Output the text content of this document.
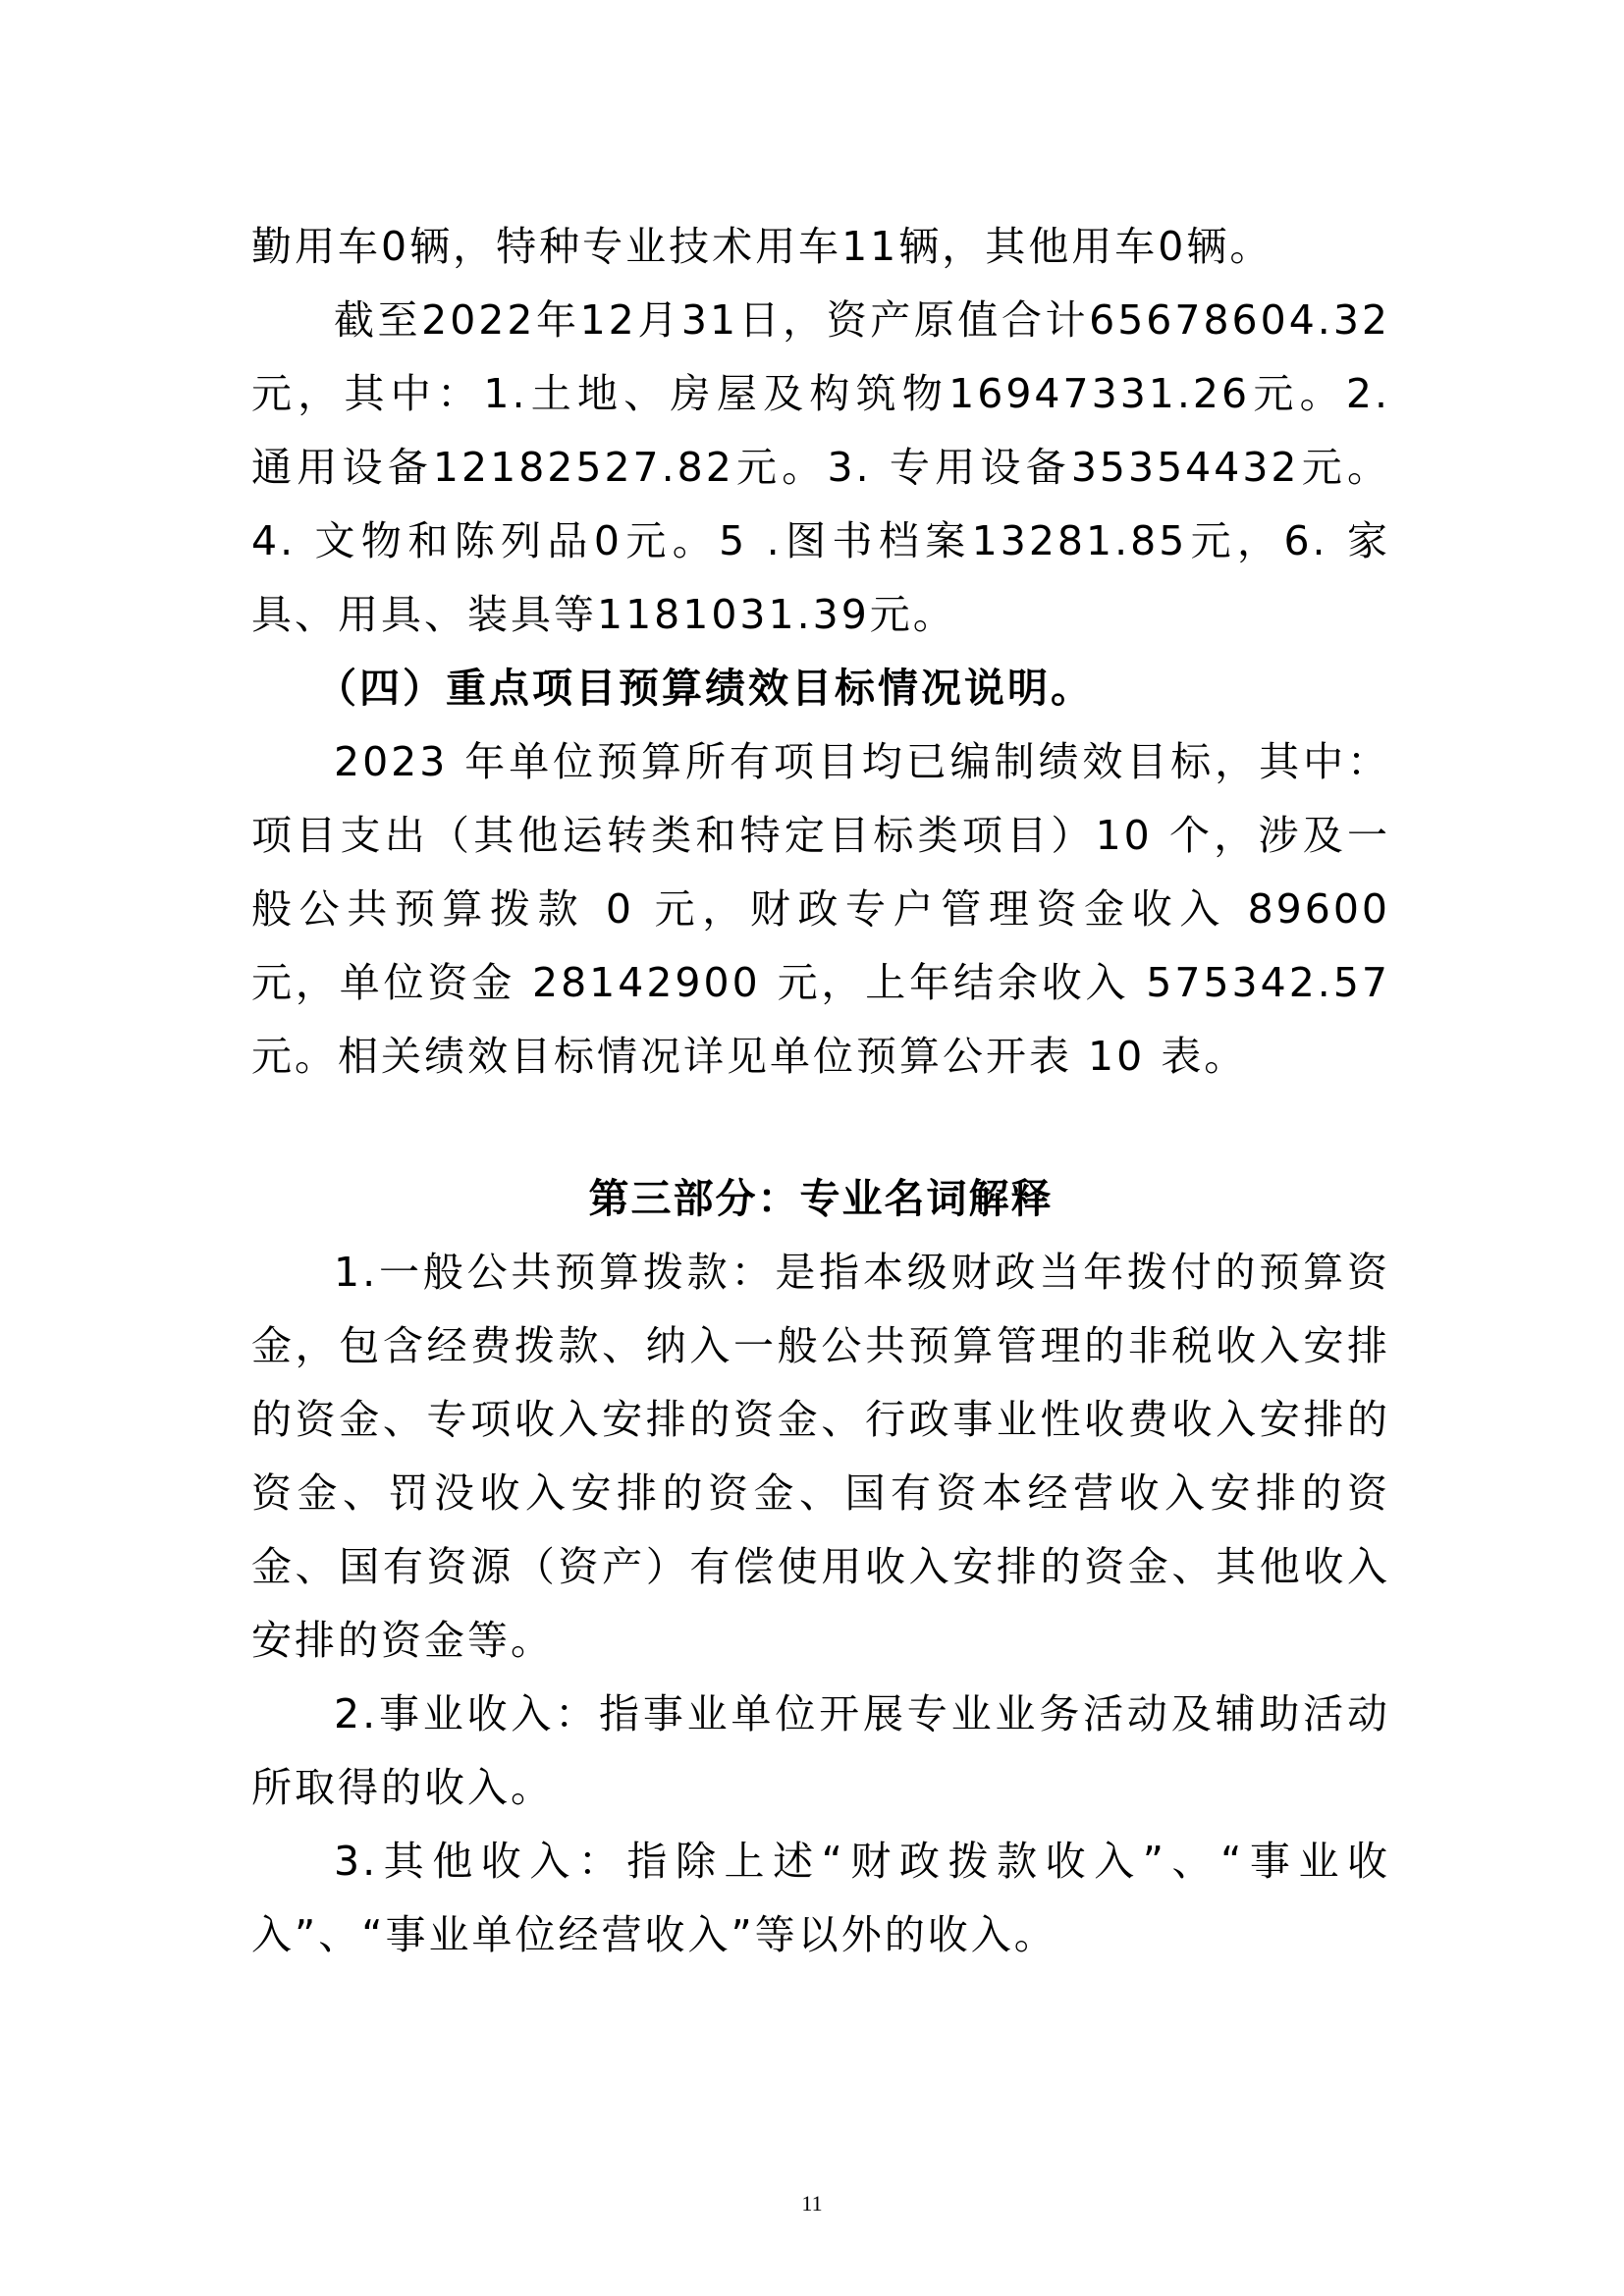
勤用车0辆，特种专业技术用车11辆，其他用车0辆。

截至2022年12月31日，资产原值合计65678604.32元，其中：1.土地、房屋及构筑物16947331.26元。2. 通用设备12182527.82元。3. 专用设备35354432元。4. 文物和陈列品0元。5 .图书档案13281.85元，6. 家具、用具、装具等1181031.39元。

（四）重点项目预算绩效目标情况说明。

2023 年单位预算所有项目均已编制绩效目标，其中：项目支出（其他运转类和特定目标类项目）10 个，涉及一般公共预算拨款 0 元，财政专户管理资金收入 89600 元，单位资金 28142900 元，上年结余收入 575342.57 元。相关绩效目标情况详见单位预算公开表 10 表。

第三部分：专业名词解释

1.一般公共预算拨款：是指本级财政当年拨付的预算资金，包含经费拨款、纳入一般公共预算管理的非税收入安排的资金、专项收入安排的资金、行政事业性收费收入安排的资金、罚没收入安排的资金、国有资本经营收入安排的资金、国有资源（资产）有偿使用收入安排的资金、其他收入安排的资金等。

2.事业收入：指事业单位开展专业业务活动及辅助活动所取得的收入。

3.其他收入：指除上述“财政拨款收入”、“事业收入”、“事业单位经营收入”等以外的收入。

11
